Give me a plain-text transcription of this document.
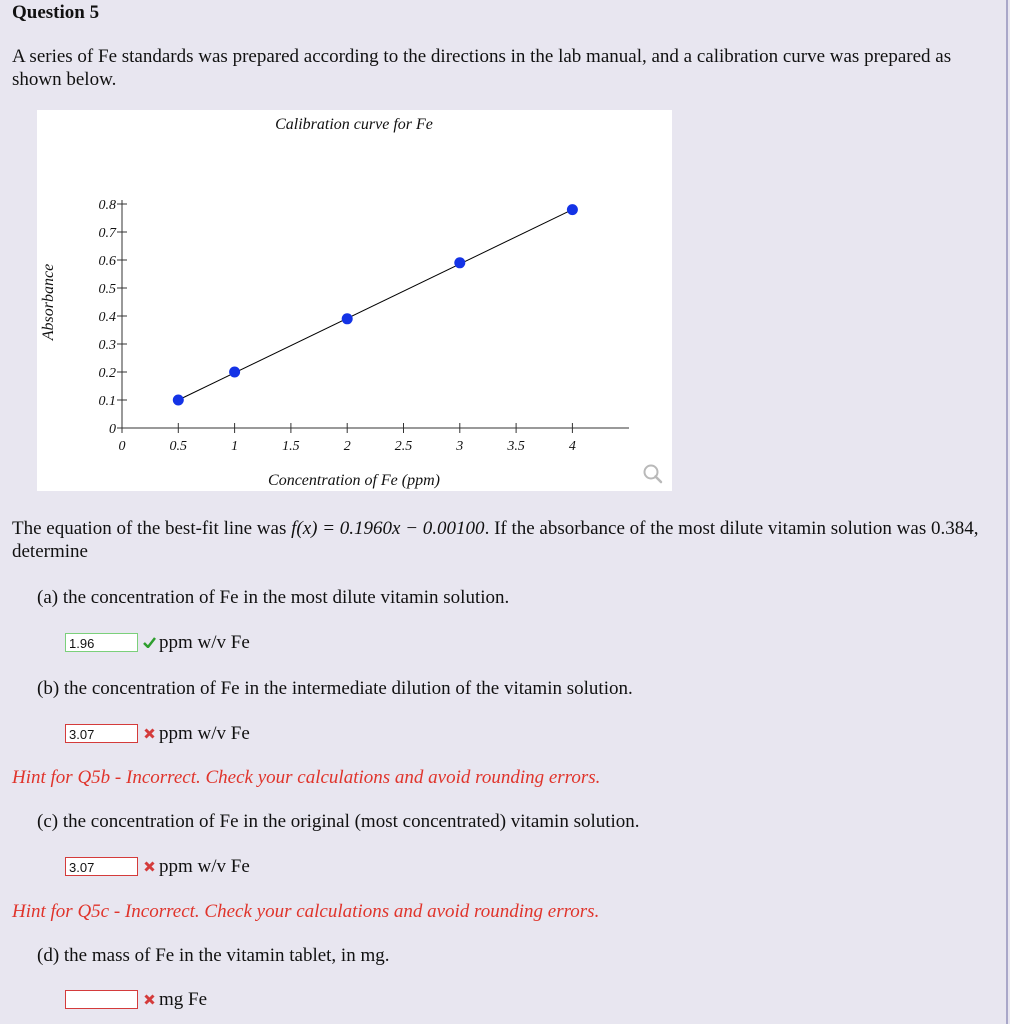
Question 5
A series of Fe standards was prepared according to the directions in the lab manual, and a calibration curve was prepared as shown below.
Calibration curve for Fe
0	0.5	1	1.5	2	2.5	3	3.5	4
0
0.1
0.2
0.3
0.4
0.5
0.6
0.7
0.8
Concentration of Fe (ppm)
Absorbance
The equation of the best-fit line was f(x) = 0.1960x − 0.00100. If the absorbance of the most dilute vitamin solution was 0.384, determine
(a) the concentration of Fe in the most dilute vitamin solution.
1.96	ppm w/v Fe
(b) the concentration of Fe in the intermediate dilution of the vitamin solution.
3.07	ppm w/v Fe
Hint for Q5b - Incorrect. Check your calculations and avoid rounding errors.
(c) the concentration of Fe in the original (most concentrated) vitamin solution.
3.07	ppm w/v Fe
Hint for Q5c - Incorrect. Check your calculations and avoid rounding errors.
(d) the mass of Fe in the vitamin tablet, in mg.
mg Fe
